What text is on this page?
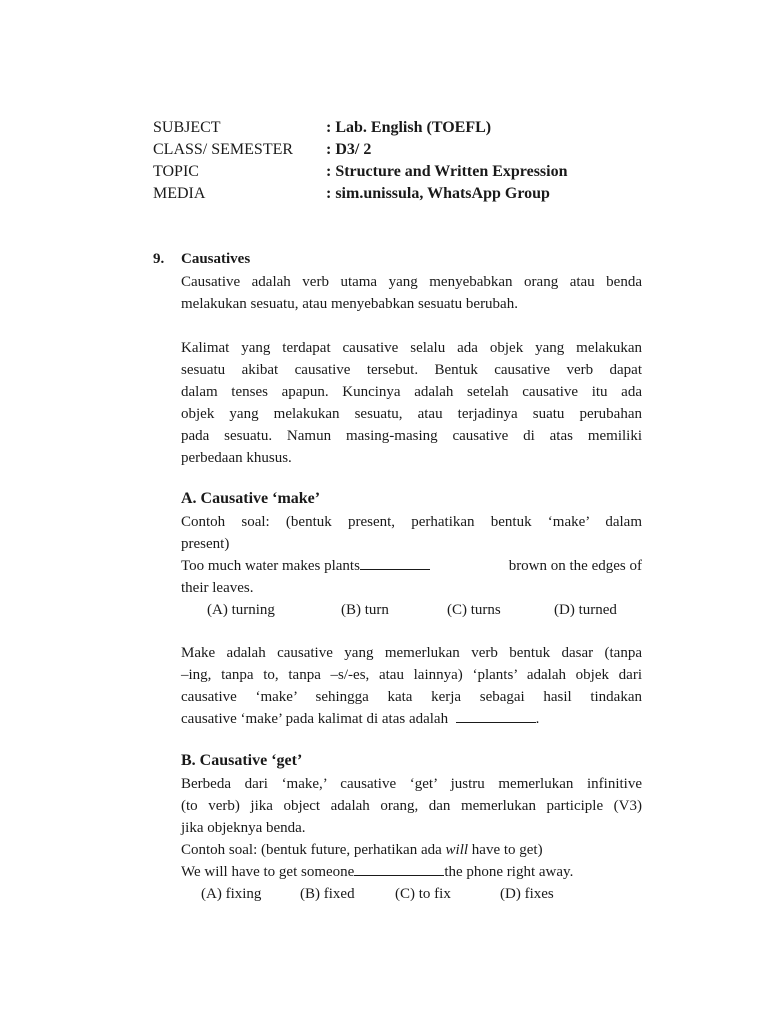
SUBJECT	: Lab. English (TOEFL)
CLASS/ SEMESTER : D3/ 2
TOPIC	: Structure and Written Expression
MEDIA	: sim.unissula, WhatsApp Group
9. Causatives
Causative adalah verb utama yang menyebabkan orang atau benda
melakukan sesuatu, atau menyebabkan sesuatu berubah.
Kalimat yang terdapat causative selalu ada objek yang melakukan
sesuatu akibat causative tersebut. Bentuk causative verb dapat
dalam tenses apapun. Kuncinya adalah setelah causative itu ada
objek yang melakukan sesuatu, atau terjadinya suatu perubahan
pada sesuatu. Namun masing-masing causative di atas memiliki
perbedaan khusus.
A. Causative ‘make’
Contoh soal: (bentuk present, perhatikan bentuk ‘make’ dalam
present)
Too much water makes plants	brown on the edges of
their leaves.
(A) turning	(B) turn	(C) turns	(D) turned
Make adalah causative yang memerlukan verb bentuk dasar (tanpa
–ing, tanpa to, tanpa –s/-es, atau lainnya) ‘plants’ adalah objek dari
causative ‘make’ sehingga kata kerja sebagai hasil tindakan
causative ‘make’ pada kalimat di atas adalah	.
B. Causative ‘get’
Berbeda dari ‘make,’ causative ‘get’ justru memerlukan infinitive
(to verb) jika object adalah orang, dan memerlukan participle (V3)
jika objeknya benda.
Contoh soal: (bentuk future, perhatikan ada will have to get)
We will have to get someone	the phone right away.
(A) fixing	(B) fixed	(C) to fix	(D) fixes
